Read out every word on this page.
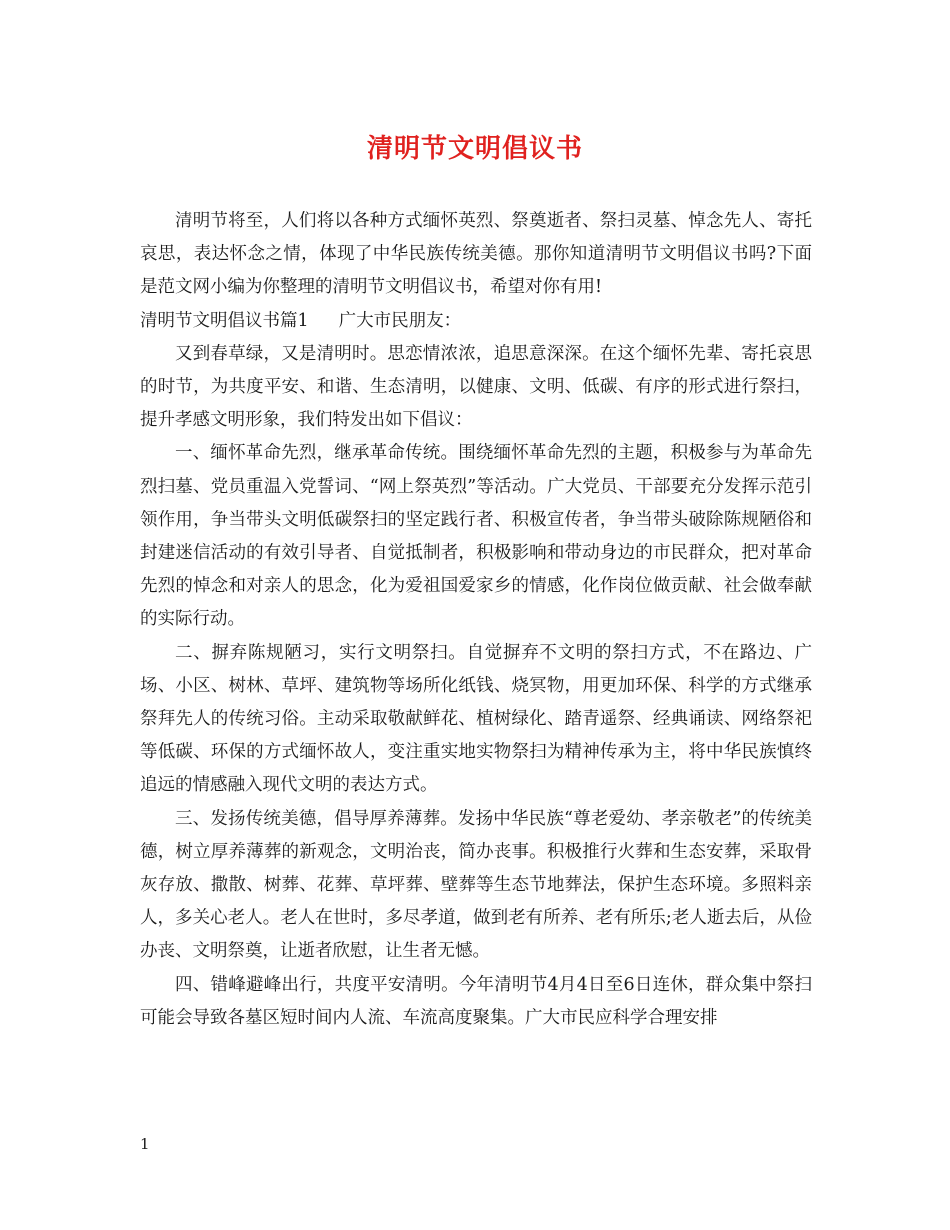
清明节文明倡议书

清明节将至，人们将以各种方式缅怀英烈、祭奠逝者、祭扫灵墓、悼念先人、寄托哀思，表达怀念之情，体现了中华民族传统美德。那你知道清明节文明倡议书吗?下面是范文网小编为你整理的清明节文明倡议书，希望对你有用!

清明节文明倡议书篇1 广大市民朋友：

又到春草绿，又是清明时。思恋情浓浓，追思意深深。在这个缅怀先辈、寄托哀思的时节，为共度平安、和谐、生态清明，以健康、文明、低碳、有序的形式进行祭扫，提升孝感文明形象，我们特发出如下倡议：

一、缅怀革命先烈，继承革命传统。围绕缅怀革命先烈的主题，积极参与为革命先烈扫墓、党员重温入党誓词、“网上祭英烈”等活动。广大党员、干部要充分发挥示范引领作用，争当带头文明低碳祭扫的坚定践行者、积极宣传者，争当带头破除陈规陋俗和封建迷信活动的有效引导者、自觉抵制者，积极影响和带动身边的市民群众，把对革命先烈的悼念和对亲人的思念，化为爱祖国爱家乡的情感，化作岗位做贡献、社会做奉献的实际行动。

二、摒弃陈规陋习，实行文明祭扫。自觉摒弃不文明的祭扫方式，不在路边、广场、小区、树林、草坪、建筑物等场所化纸钱、烧冥物，用更加环保、科学的方式继承祭拜先人的传统习俗。主动采取敬献鲜花、植树绿化、踏青遥祭、经典诵读、网络祭祀等低碳、环保的方式缅怀故人，变注重实地实物祭扫为精神传承为主，将中华民族慎终追远的情感融入现代文明的表达方式。

三、发扬传统美德，倡导厚养薄葬。发扬中华民族“尊老爱幼、孝亲敬老”的传统美德，树立厚养薄葬的新观念，文明治丧，简办丧事。积极推行火葬和生态安葬，采取骨灰存放、撒散、树葬、花葬、草坪葬、壁葬等生态节地葬法，保护生态环境。多照料亲人，多关心老人。老人在世时，多尽孝道，做到老有所养、老有所乐;老人逝去后，从俭办丧、文明祭奠，让逝者欣慰，让生者无憾。

四、错峰避峰出行，共度平安清明。今年清明节4月4日至6日连休，群众集中祭扫可能会导致各墓区短时间内人流、车流高度聚集。广大市民应科学合理安排

1
